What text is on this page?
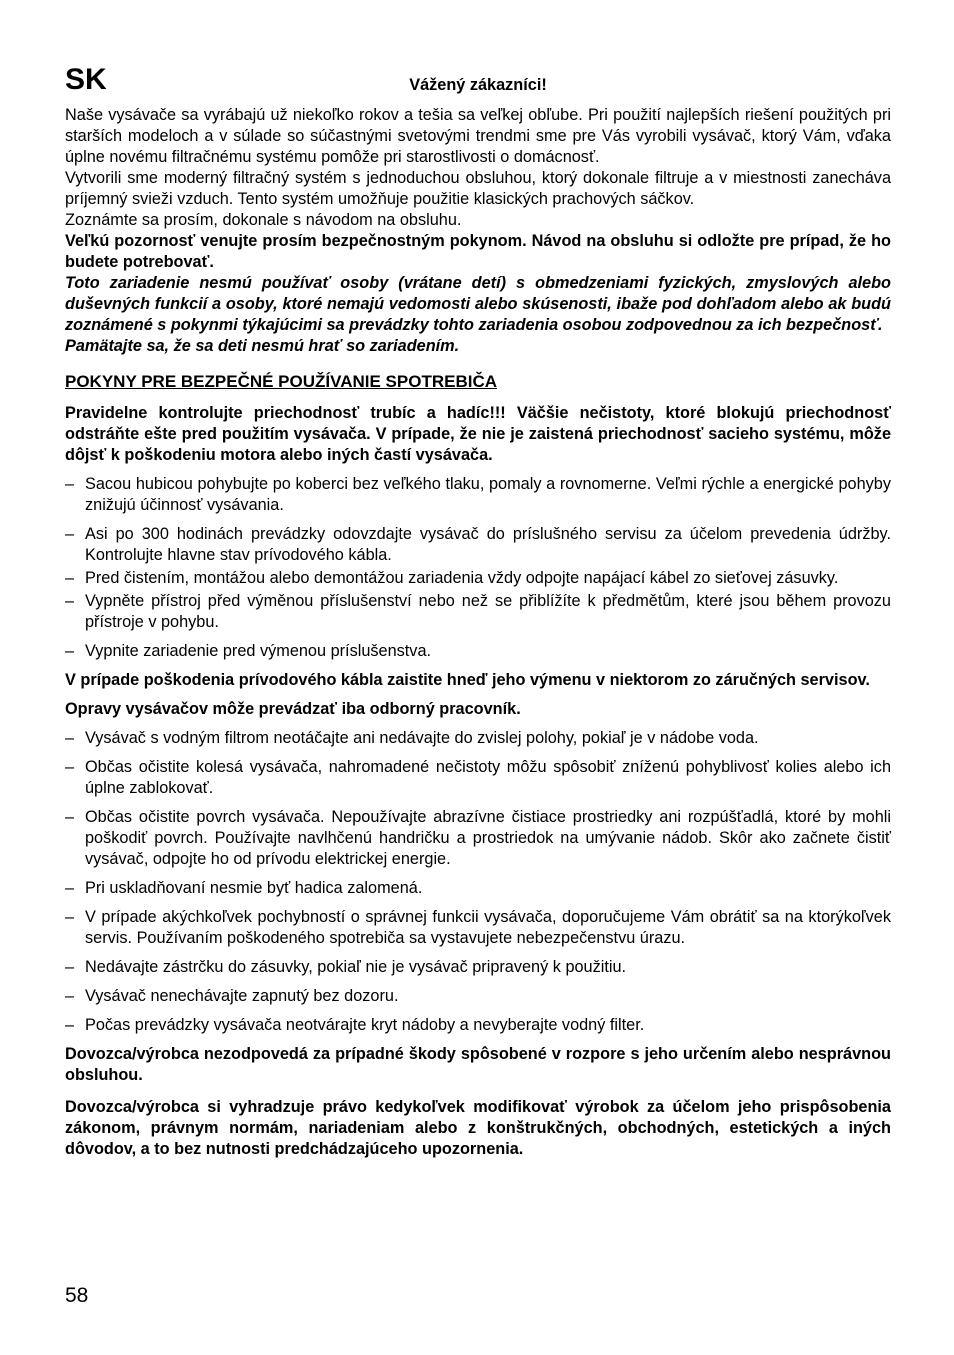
SK	Vážený zákazníci!

Naše vysávače sa vyrábajú už niekoľko rokov a tešia sa veľkej obľube. Pri použití najlepších riešení použitých pri starších modeloch a v súlade so súčastnými svetovými trendmi sme pre Vás vyrobili vysávač, ktorý Vám, vďaka úplne novému filtračnému systému pomôže pri starostlivosti o domácnosť.

Vytvorili sme moderný filtračný systém s jednoduchou obsluhou, ktorý dokonale filtruje a v miestnosti zanecháva príjemný svieži vzduch. Tento systém umožňuje použitie klasických prachových sáčkov.

Zoznámte sa prosím, dokonale s návodom na obsluhu.

Veľkú pozornosť venujte prosím bezpečnostným pokynom. Návod na obsluhu si odložte pre prípad, že ho budete potrebovať.

Toto zariadenie nesmú používať osoby (vrátane detí) s obmedzeniami fyzických, zmyslových alebo duševných funkcií a osoby, ktoré nemajú vedomosti alebo skúsenosti, ibaže pod dohľadom alebo ak budú zoznámené s pokynmi týkajúcimi sa prevádzky tohto zariadenia osobou zodpovednou za ich bezpečnosť.

Pamätajte sa, že sa deti nesmú hrať so zariadením.

POKYNY PRE BEZPEČNÉ POUŽÍVANIE SPOTREBIČA

Pravidelne kontrolujte priechodnosť trubíc a hadíc!!! Väčšie nečistoty, ktoré blokujú priechodnosť odstráňte ešte pred použitím vysávača. V prípade, že nie je zaistená priechodnosť sacieho systému, môže dôjsť k poškodeniu motora alebo iných častí vysávača.

– Sacou hubicou pohybujte po koberci bez veľkého tlaku, pomaly a rovnomerne. Veľmi rýchle a energické pohyby znižujú účinnosť vysávania.
– Asi po 300 hodinách prevádzky odovzdajte vysávač do príslušného servisu za účelom prevedenia údržby. Kontrolujte hlavne stav prívodového kábla.
– Pred čistením, montážou alebo demontážou zariadenia vždy odpojte napájací kábel zo sieťovej zásuvky.
– Vypněte přístroj před výměnou příslušenství nebo než se přiblížíte k předmětům, které jsou během provozu přístroje v pohybu.
– Vypnite zariadenie pred výmenou príslušenstva.

V prípade poškodenia prívodového kábla zaistite hneď jeho výmenu v niektorom zo záručných servisov.

Opravy vysávačov môže prevádzať iba odborný pracovník.

– Vysávač s vodným filtrom neotáčajte ani nedávajte do zvislej polohy, pokiaľ je v nádobe voda.
– Občas očistite kolesá vysávača, nahromadené nečistoty môžu spôsobiť zníženú pohyblivosť kolies alebo ich úplne zablokovať.
– Občas očistite povrch vysávača. Nepoužívajte abrazívne čistiace prostriedky ani rozpúšťadlá, ktoré by mohli poškodiť povrch. Používajte navlhčenú handričku a prostriedok na umývanie nádob. Skôr ako začnete čistiť vysávač, odpojte ho od prívodu elektrickej energie.
– Pri uskladňovaní nesmie byť hadica zalomená.
– V prípade akýchkoľvek pochybností o správnej funkcii vysávača, doporučujeme Vám obrátiť sa na ktorýkoľvek servis. Používaním poškodeného spotrebiča sa vystavujete nebezpečenstvu úrazu.
– Nedávajte zástrčku do zásuvky, pokiaľ nie je vysávač pripravený k použitiu.
– Vysávač nenechávajte zapnutý bez dozoru.
– Počas prevádzky vysávača neotvárajte kryt nádoby a nevyberajte vodný filter.

Dovozca/výrobca nezodpovedá za prípadné škody spôsobené v rozpore s jeho určením alebo nesprávnou obsluhou.

Dovozca/výrobca si vyhradzuje právo kedykoľvek modifikovať výrobok za účelom jeho prispôsobenia zákonom, právnym normám, nariadeniam alebo z konštrukčných, obchodných, estetických a iných dôvodov, a to bez nutnosti predchádzajúceho upozornenia.

58
